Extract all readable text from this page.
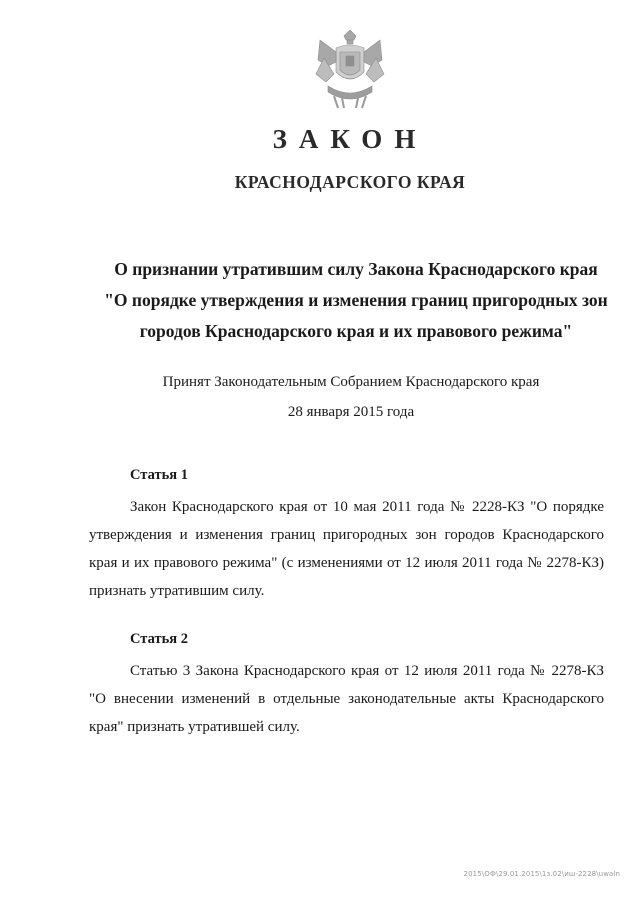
ЗАКОН
КРАСНОДАРСКОГО КРАЯ
О признании утратившим силу Закона Краснодарского края
"О порядке утверждения и изменения границ пригородных зон
городов Краснодарского края и их правового режима"
Принят Законодательным Собранием Краснодарского края
28 января 2015 года
Статья 1
Закон Краснодарского края от 10 мая 2011 года № 2228-КЗ "О порядке
утверждения и изменения границ пригородных зон городов Краснодарского
края и их правового режима" (с изменениями от 12 июля 2011 года № 2278-КЗ)
признать утратившим силу.
Статья 2
Статью 3 Закона Краснодарского края от 12 июля 2011 года № 2278-КЗ
"О внесении изменений в отдельные законодательные акты Краснодарского
края" признать утратившей силу.
2015\ОФ\29.01.2015\1з.02\иш-2228\uwaln
